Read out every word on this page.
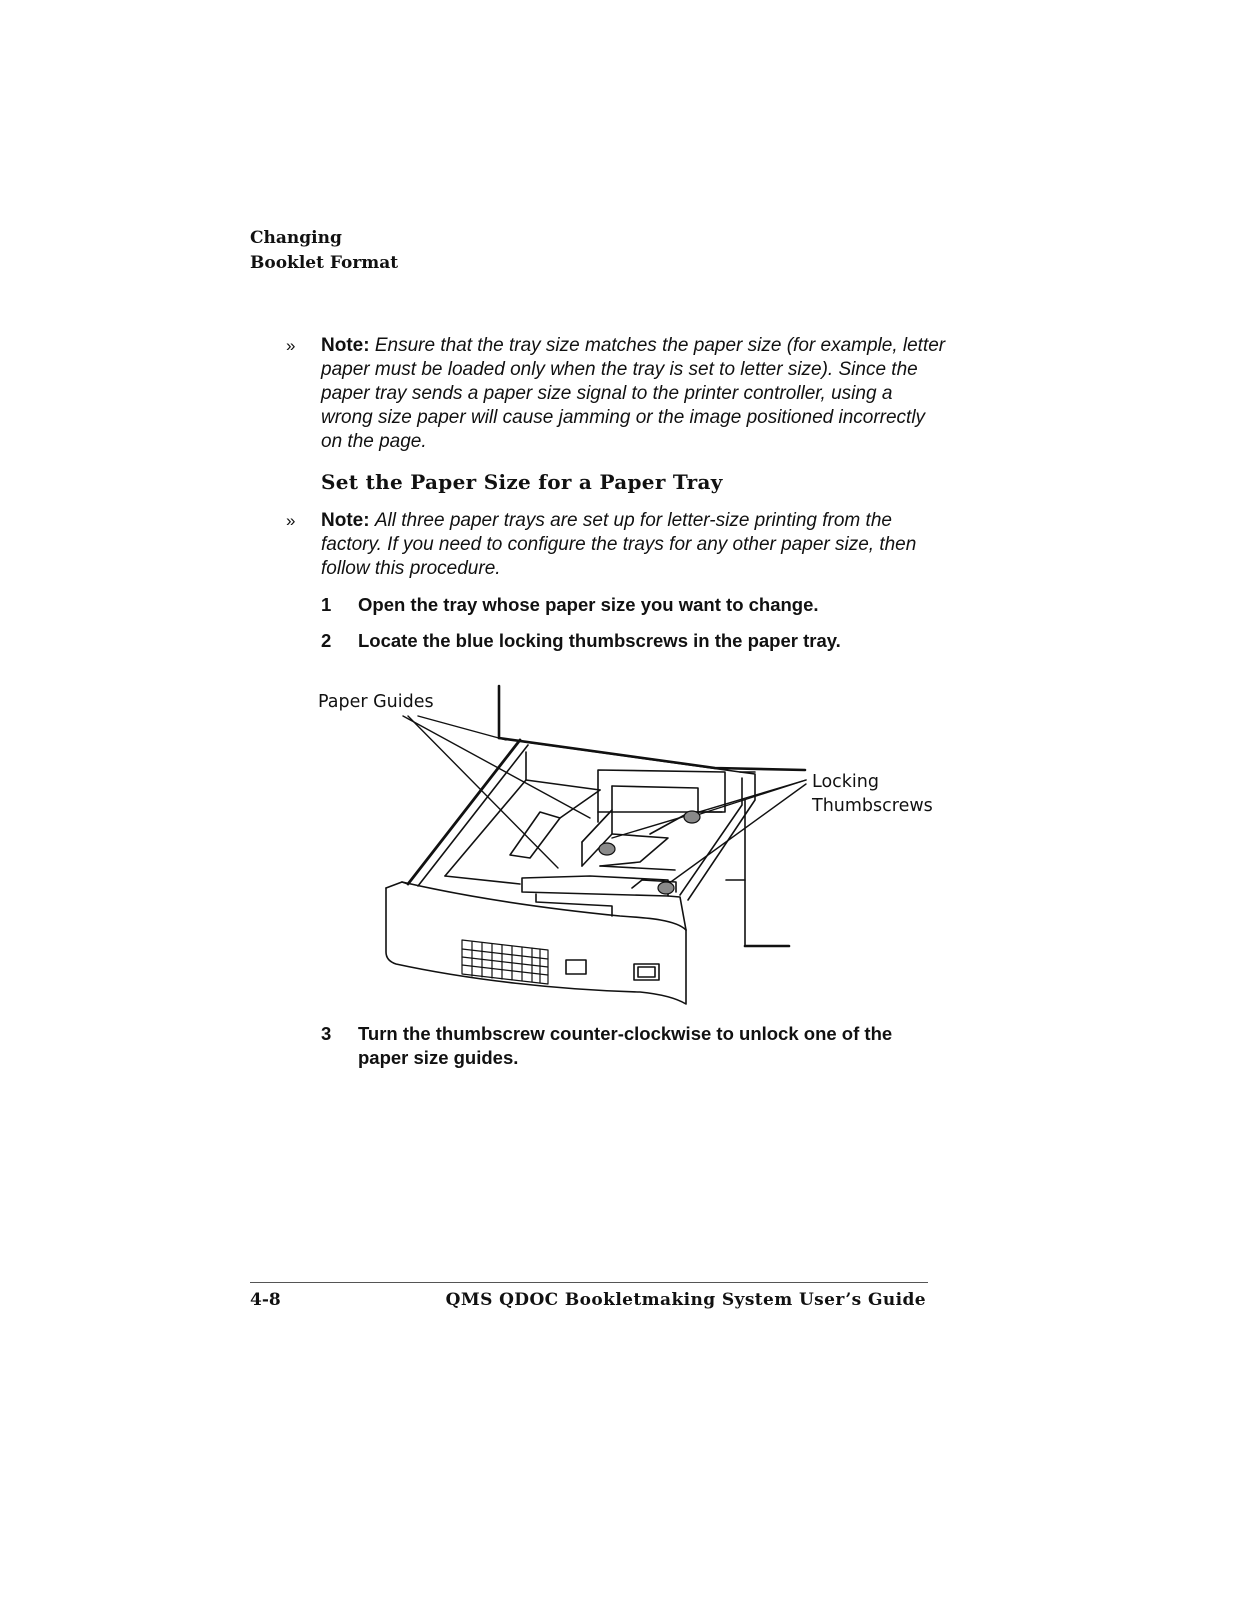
Changing
Booklet Format
» Note: Ensure that the tray size matches the paper size (for example, letter paper must be loaded only when the tray is set to letter size). Since the paper tray sends a paper size signal to the printer controller, using a wrong size paper will cause jamming or the image positioned incorrectly on the page.
Set the Paper Size for a Paper Tray
» Note: All three paper trays are set up for letter-size printing from the factory. If you need to configure the trays for any other paper size, then follow this procedure.
1 Open the tray whose paper size you want to change.
2 Locate the blue locking thumbscrews in the paper tray.
Paper Guides
Locking
Thumbscrews
3 Turn the thumbscrew counter-clockwise to unlock one of the paper size guides.
4-8	QMS QDOC Bookletmaking System User’s Guide
